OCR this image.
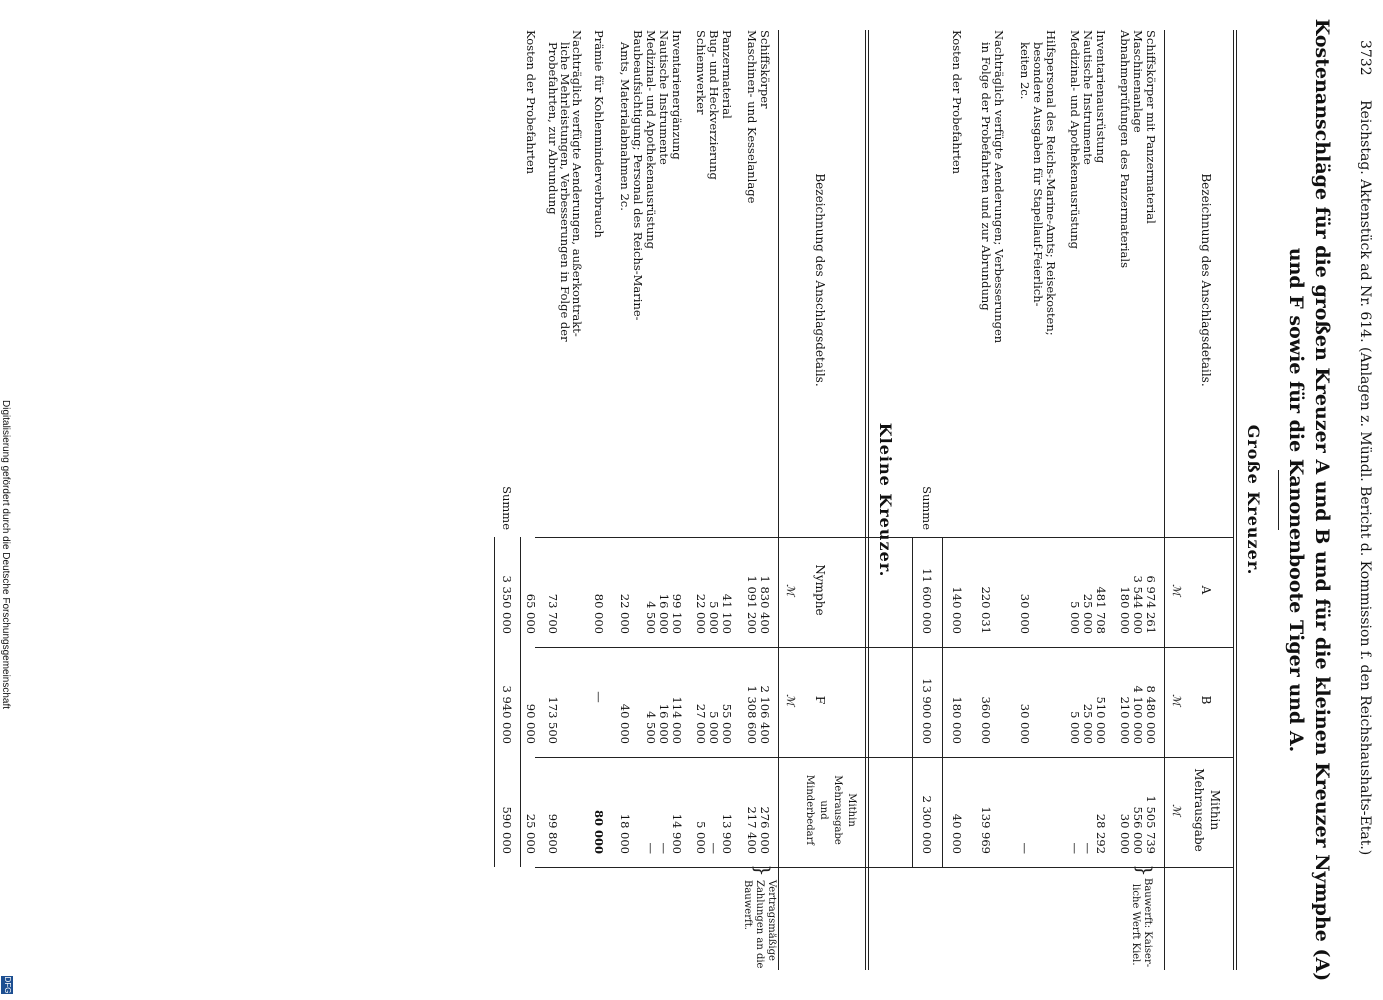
3732
Reichstag. Aktenstück ad Nr. 614. (Anlagen z. Mündl. Bericht d. Kommission f. den Reichshaushalts-Etat.)
Kostenanschläge für die großen Kreuzer A und B und für die kleinen Kreuzer Nymphe (A)
und F sowie für die Kanonenboote Tiger und A.
Große Kreuzer.
Bezeichnung des Anschlagsdetails.
A
B
Mithin Mehrausgabe
ℳ
ℳ
ℳ
Schiffskörper mit Panzermaterial
Maschinenanlage
Abnahmeprüfungen des Panzermaterials
6 974 261
3 544 000
180 000
8 480 000
4 100 000
210 000
1 505 739
556 000
30 000
}
Bauwerft: Kaiser-
liche Werft Kiel.
Inventarienausrüstung
Nautische Instrumente
Medizinal- und Apothekenausrüstung
481 708
25 000
5 000
510 000
25 000
5 000
28 292
—
—
Hilfspersonal des Reichs-Marine-Amts; Reisekosten;
besondere Ausgaben für Stapellauf-Feierlich-
keiten 2c.
30 000
30 000
—
Nachträglich verfügte Aenderungen; Verbesserungen
in Folge der Probefahrten und zur Abrundung
220 031
360 000
139 969
Kosten der Probefahrten
140 000
180 000
40 000
Summe
11 600 000
13 900 000
2 300 000
Kleine Kreuzer.
Bezeichnung des Anschlagsdetails.
Nymphe
F
Mithin
Mehrausgabe
und
Minderbedarf
ℳ
ℳ
Schiffskörper
Maschinen- und Kesselanlage
1 830 400
1 091 200
2 106 400
1 308 600
276 000
217 400
}
Vertragsmäßige
Zahlungen an die
Bauwerft.
Panzermaterial
Bug- und Heckverzierung
Schiemwerker
41 100
5 000
22 000
55 000
5 000
27 000
13 900
—
5 000
Inventarienergänzung
Nautische Instrumente
Medizinal- und Apothekenausrüstung
Baubeaufsichtigung; Personal des Reichs-Marine-
Amts, Materialabnahmen 2c.
99 100
16 000
4 500
22 000
114 000
16 000
4 500
40 000
14 900
—
—
18 000
Prämie für Kohlenminderverbrauch
80 000
—
80 000
Nachträglich verfügte Aenderungen, außerkontrakt-
liche Mehrleistungen, Verbesserungen in Folge der
Probefahrten, zur Abrundung
73 700
173 500
99 800
Kosten der Probefahrten
65 000
90 000
25 000
Summe
3 350 000
3 940 000
590 000
Digitalisierung gefördert durch die Deutsche Forschungsgemeinschaft
DFG
